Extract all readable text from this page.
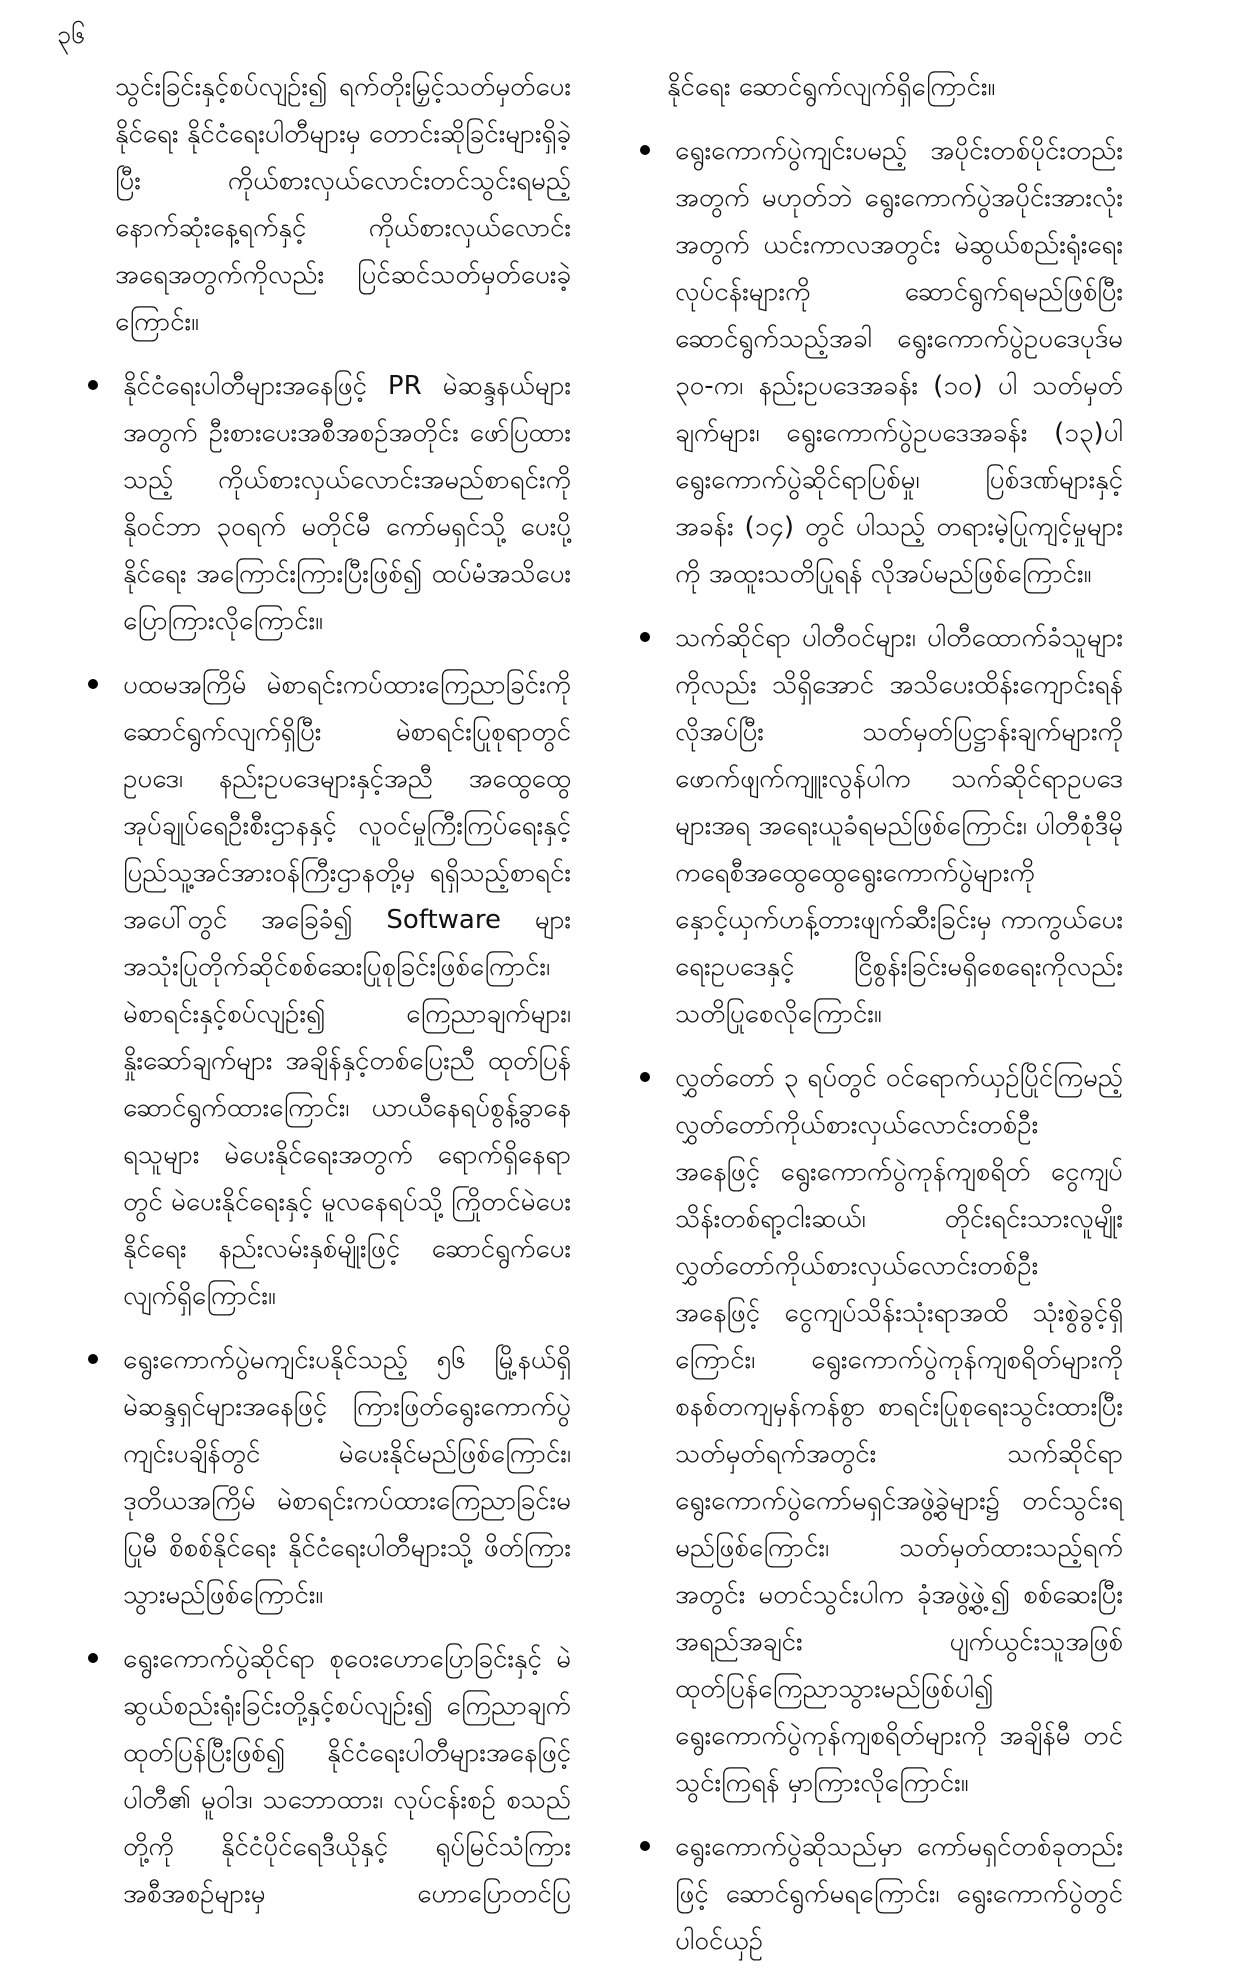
၃၆
သွင်းခြင်းနှင့်စပ်လျဉ်း၍ ရက်တိုးမြှင့်သတ်မှတ်ပေးနိုင်ရေး နိုင်ငံရေးပါတီများမှ တောင်းဆိုခြင်းများရှိခဲ့ပြီး ကိုယ်စားလှယ်လောင်းတင်သွင်းရမည့် နောက်ဆုံးနေ့ရက်နှင့် ကိုယ်စားလှယ်လောင်းအရေအတွက်ကိုလည်း ပြင်ဆင်သတ်မှတ်ပေးခဲ့ကြောင်း။
နိုင်ငံရေးပါတီများအနေဖြင့် PR မဲဆန္ဒနယ်များအတွက် ဦးစားပေးအစီအစဉ်အတိုင်း ဖော်ပြထားသည့် ကိုယ်စားလှယ်လောင်းအမည်စာရင်းကို နိုဝင်ဘာ ၃၀ရက် မတိုင်မီ ကော်မရှင်သို့ ပေးပို့နိုင်ရေး အကြောင်းကြားပြီးဖြစ်၍ ထပ်မံအသိပေးပြောကြားလိုကြောင်း။
ပထမအကြိမ် မဲစာရင်းကပ်ထားကြေညာခြင်းကို ဆောင်ရွက်လျက်ရှိပြီး မဲစာရင်းပြုစုရာတွင် ဥပဒေ၊ နည်းဥပဒေများနှင့်အညီ အထွေထွေအုပ်ချုပ်ရေဦးစီးဌာနနှင့် လူဝင်မှုကြီးကြပ်ရေးနှင့် ပြည်သူ့အင်အားဝန်ကြီးဌာနတို့မှ ရရှိသည့်စာရင်းအပေါ်တွင် အခြေခံ၍ Software များ အသုံးပြုတိုက်ဆိုင်စစ်ဆေးပြုစုခြင်းဖြစ်ကြောင်း၊ မဲစာရင်းနှင့်စပ်လျဉ်း၍ ကြေညာချက်များ၊ နှိုးဆော်ချက်များ အချိန်နှင့်တစ်ပြေးညီ ထုတ်ပြန်ဆောင်ရွက်ထားကြောင်း၊ ယာယီနေရပ်စွန့်ခွာနေရသူများ မဲပေးနိုင်ရေးအတွက် ရောက်ရှိနေရာတွင် မဲပေးနိုင်ရေးနှင့် မူလနေရပ်သို့ ကြိုတင်မဲပေးနိုင်ရေး နည်းလမ်းနှစ်မျိုးဖြင့် ဆောင်ရွက်ပေးလျက်ရှိကြောင်း။
ရွေးကောက်ပွဲမကျင်းပနိုင်သည့် ၅၆ မြို့နယ်ရှိ မဲဆန္ဒရှင်များအနေဖြင့် ကြားဖြတ်ရွေးကောက်ပွဲကျင်းပချိန်တွင် မဲပေးနိုင်မည်ဖြစ်ကြောင်း၊ ဒုတိယအကြိမ် မဲစာရင်းကပ်ထားကြေညာခြင်းမပြုမီ စိစစ်နိုင်ရေး နိုင်ငံရေးပါတီများသို့ ဖိတ်ကြားသွားမည်ဖြစ်ကြောင်း။
ရွေးကောက်ပွဲဆိုင်ရာ စုဝေးဟောပြောခြင်းနှင့် မဲဆွယ်စည်းရုံးခြင်းတို့နှင့်စပ်လျဉ်း၍ ကြေညာချက် ထုတ်ပြန်ပြီးဖြစ်၍ နိုင်ငံရေးပါတီများအနေဖြင့် ပါတီ၏ မူဝါဒ၊ သဘောထား၊ လုပ်ငန်းစဉ် စသည်တို့ကို နိုင်ငံပိုင်ရေဒီယိုနှင့် ရုပ်မြင်သံကြားအစီအစဉ်များမှ ဟောပြောတင်ပြ
နိုင်ရေး ဆောင်ရွက်လျက်ရှိကြောင်း။
ရွေးကောက်ပွဲကျင်းပမည့် အပိုင်းတစ်ပိုင်းတည်းအတွက် မဟုတ်ဘဲ ရွေးကောက်ပွဲအပိုင်းအားလုံးအတွက် ယင်းကာလအတွင်း မဲဆွယ်စည်းရုံးရေးလုပ်ငန်းများကို ဆောင်ရွက်ရမည်ဖြစ်ပြီး ဆောင်ရွက်သည့်အခါ ရွေးကောက်ပွဲဥပဒေပုဒ်မ ၃၀-က၊ နည်းဥပဒေအခန်း (၁၀) ပါ သတ်မှတ်ချက်များ၊ ရွေးကောက်ပွဲဥပဒေအခန်း (၁၃)ပါ ရွေးကောက်ပွဲဆိုင်ရာပြစ်မှု၊ ပြစ်ဒဏ်များနှင့် အခန်း (၁၄) တွင် ပါသည့် တရားမဲ့ပြုကျင့်မှုများကို အထူးသတိပြုရန် လိုအပ်မည်ဖြစ်ကြောင်း။
သက်ဆိုင်ရာ ပါတီဝင်များ၊ ပါတီထောက်ခံသူများကိုလည်း သိရှိအောင် အသိပေးထိန်းကျောင်းရန် လိုအပ်ပြီး သတ်မှတ်ပြဋ္ဌာန်းချက်များကို ဖောက်ဖျက်ကျူးလွန်ပါက သက်ဆိုင်ရာဥပဒေများအရ အရေးယူခံရမည်ဖြစ်ကြောင်း၊ ပါတီစုံဒီမိုကရေစီအထွေထွေရွေးကောက်ပွဲများကို နှောင့်ယှက်ဟန့်တားဖျက်ဆီးခြင်းမှ ကာကွယ်ပေးရေးဥပဒေနှင့် ငြိစွန်းခြင်းမရှိစေရေးကိုလည်း သတိပြုစေလိုကြောင်း။
လွှတ်တော် ၃ ရပ်တွင် ဝင်ရောက်ယှဉ်ပြိုင်ကြမည့် လွှတ်တော်ကိုယ်စားလှယ်လောင်းတစ်ဦးအနေဖြင့် ရွေးကောက်ပွဲကုန်ကျစရိတ် ငွေကျပ်သိန်းတစ်ရာ့ငါးဆယ်၊ တိုင်းရင်းသားလူမျိုး လွှတ်တော်ကိုယ်စားလှယ်လောင်းတစ်ဦးအနေဖြင့် ငွေကျပ်သိန်းသုံးရာအထိ သုံးစွဲခွင့်ရှိကြောင်း၊ ရွေးကောက်ပွဲကုန်ကျစရိတ်များကို စနစ်တကျမှန်ကန်စွာ စာရင်းပြုစုရေးသွင်းထားပြီး သတ်မှတ်ရက်အတွင်း သက်ဆိုင်ရာရွေးကောက်ပွဲကော်မရှင်အဖွဲ့ခွဲများ၌ တင်သွင်းရမည်ဖြစ်ကြောင်း၊ သတ်မှတ်ထားသည့်ရက်အတွင်း မတင်သွင်းပါက ခုံအဖွဲ့ဖွဲ့၍ စစ်ဆေးပြီး အရည်အချင်း ပျက်ယွင်းသူအဖြစ် ထုတ်ပြန်ကြေညာသွားမည်ဖြစ်ပါ၍ ရွေးကောက်ပွဲကုန်ကျစရိတ်များကို အချိန်မီ တင်သွင်းကြရန် မှာကြားလိုကြောင်း။
ရွေးကောက်ပွဲဆိုသည်မှာ ကော်မရှင်တစ်ခုတည်းဖြင့် ဆောင်ရွက်မရကြောင်း၊ ရွေးကောက်ပွဲတွင် ပါဝင်ယှဉ်
